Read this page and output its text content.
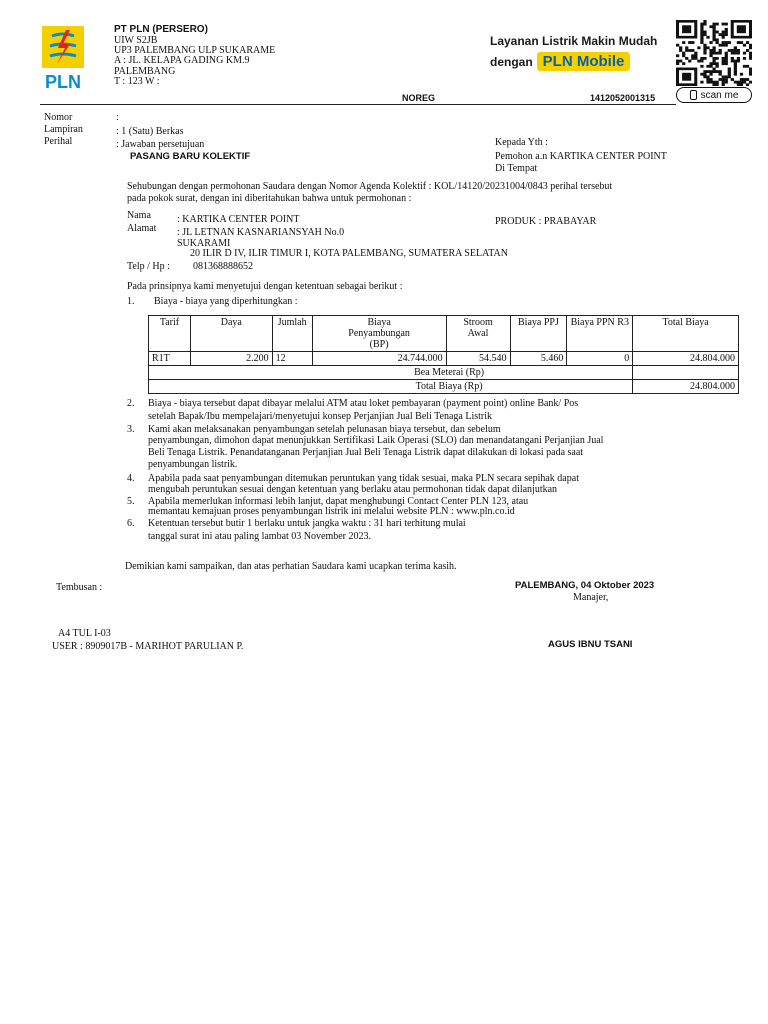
PLN
PT PLN (PERSERO)
UIW S2JB
UP3 PALEMBANG ULP SUKARAME
A : JL. KELAPA GADING KM.9
PALEMBANG
T : 123 W :
Layanan Listrik Makin Mudah
dengan PLN Mobile
scan me
NOREG	1412052001315
Nomor
Lampiran
Perihal
:
: 1 (Satu) Berkas
: Jawaban persetujuan
PASANG BARU KOLEKTIF
Kepada Yth :
Pemohon a.n KARTIKA CENTER POINT
Di Tempat
Sehubungan dengan permohonan Saudara dengan Nomor Agenda Kolektif : KOL/14120/20231004/0843 perihal tersebut
pada pokok surat, dengan ini diberitahukan bahwa untuk permohonan :
Nama	: KARTIKA CENTER POINT	PRODUK : PRABAYAR
Alamat : JL LETNAN KASNARIANSYAH No.0
SUKARAMI
20 ILIR D IV, ILIR TIMUR I, KOTA PALEMBANG, SUMATERA SELATAN
Telp / Hp : 081368888652
Pada prinsipnya kami menyetujui dengan ketentuan sebagai berikut :
1. Biaya - biaya yang diperhitungkan :
Tarif	Daya	Jumlah	Biaya Penyambungan (BP)	Stroom Awal	Biaya PPJ	Biaya PPN R3	Total Biaya
R1T	2.200	12	24.744.000	54.540	5.460	0	24.804.000
Bea Meterai (Rp)							
Total Biaya (Rp)							24.804.000
2. Biaya - biaya tersebut dapat dibayar melalui ATM atau loket pembayaran (payment point) online Bank/ Pos
setelah Bapak/Ibu mempelajari/menyetujui konsep Perjanjian Jual Beli Tenaga Listrik
3. Kami akan melaksanakan penyambungan setelah pelunasan biaya tersebut, dan sebelum
penyambungan, dimohon dapat menunjukkan Sertifikasi Laik Operasi (SLO) dan menandatangani Perjanjian Jual
Beli Tenaga Listrik. Penandatanganan Perjanjian Jual Beli Tenaga Listrik dapat dilakukan di lokasi pada saat
penyambungan listrik.
4. Apabila pada saat penyambungan ditemukan peruntukan yang tidak sesuai, maka PLN secara sepihak dapat
mengubah peruntukan sesuai dengan ketentuan yang berlaku atau permohonan tidak dapat dilanjutkan
5. Apabila memerlukan informasi lebih lanjut, dapat menghubungi Contact Center PLN 123, atau
memantau kemajuan proses penyambungan listrik ini melalui website PLN : www.pln.co.id
6. Ketentuan tersebut butir 1 berlaku untuk jangka waktu : 31 hari terhitung mulai
tanggal surat ini atau paling lambat 03 November 2023.
Demikian kami sampaikan, dan atas perhatian Saudara kami ucapkan terima kasih.
Tembusan :	PALEMBANG, 04 Oktober 2023
Manajer,
AGUS IBNU TSANI
A4 TUL I-03
USER : 8909017B - MARIHOT PARULIAN P.
